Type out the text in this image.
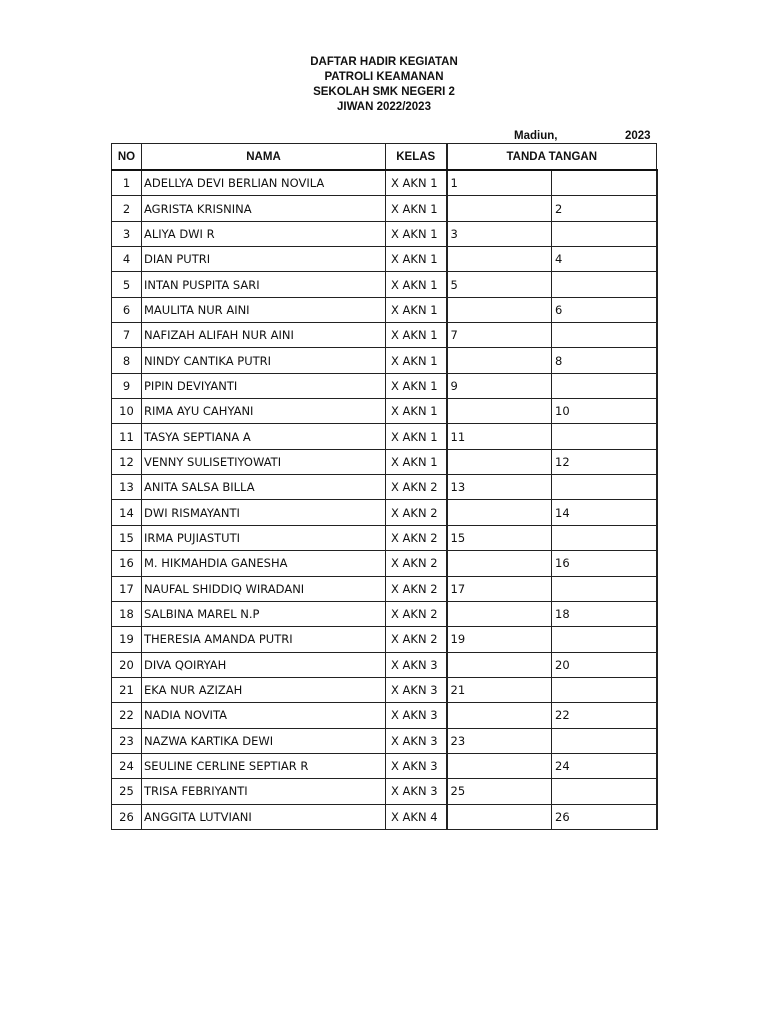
DAFTAR HADIR KEGIATAN
PATROLI KEAMANAN
SEKOLAH SMK NEGERI 2
JIWAN 2022/2023
Madiun,	2023
NO	NAMA	KELAS	TANDA TANGAN	
1	ADELLYA DEVI BERLIAN NOVILA	X AKN 1	1	
2	AGRISTA KRISNINA	X AKN 1		2
3	ALIYA DWI R	X AKN 1	3	
4	DIAN PUTRI	X AKN 1		4
5	INTAN PUSPITA SARI	X AKN 1	5	
6	MAULITA NUR AINI	X AKN 1		6
7	NAFIZAH ALIFAH NUR AINI	X AKN 1	7	
8	NINDY CANTIKA PUTRI	X AKN 1		8
9	PIPIN DEVIYANTI	X AKN 1	9	
10	RIMA AYU CAHYANI	X AKN 1		10
11	TASYA SEPTIANA A	X AKN 1	11	
12	VENNY SULISETIYOWATI	X AKN 1		12
13	ANITA SALSA BILLA	X AKN 2	13	
14	DWI RISMAYANTI	X AKN 2		14
15	IRMA PUJIASTUTI	X AKN 2	15	
16	M. HIKMAHDIA GANESHA	X AKN 2		16
17	NAUFAL SHIDDIQ WIRADANI	X AKN 2	17	
18	SALBINA MAREL N.P	X AKN 2		18
19	THERESIA AMANDA PUTRI	X AKN 2	19	
20	DIVA QOIRYAH	X AKN 3		20
21	EKA NUR AZIZAH	X AKN 3	21	
22	NADIA NOVITA	X AKN 3		22
23	NAZWA KARTIKA DEWI	X AKN 3	23	
24	SEULINE CERLINE SEPTIAR R	X AKN 3		24
25	TRISA FEBRIYANTI	X AKN 3	25	
26	ANGGITA LUTVIANI	X AKN 4		26
